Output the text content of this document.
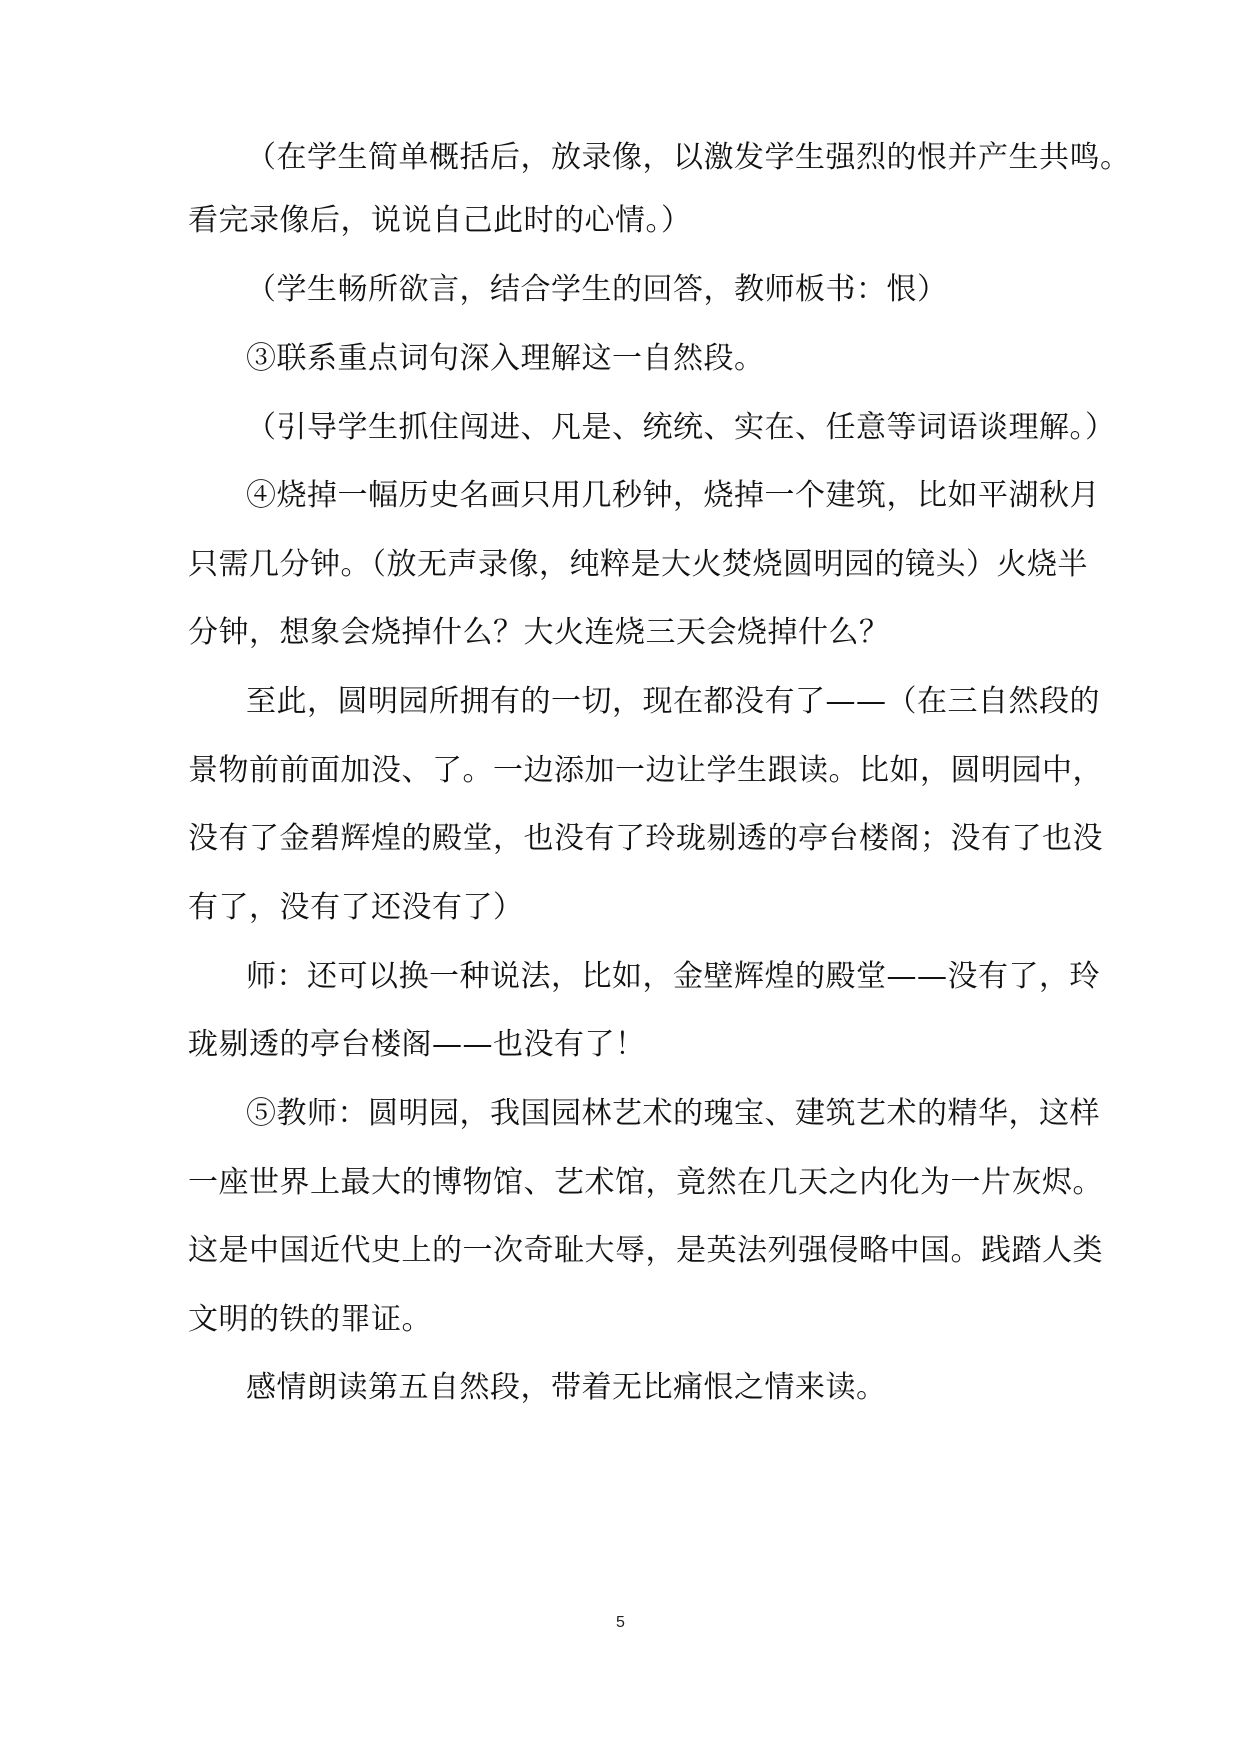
（在学生简单概括后，放录像，以激发学生强烈的恨并产生共鸣。
看完录像后，说说自己此时的心情。）
（学生畅所欲言，结合学生的回答，教师板书：恨）
③联系重点词句深入理解这一自然段。
（引导学生抓住闯进、凡是、统统、实在、任意等词语谈理解。）
④烧掉一幅历史名画只用几秒钟，烧掉一个建筑，比如平湖秋月
只需几分钟。（放无声录像，纯粹是大火焚烧圆明园的镜头）火烧半
分钟，想象会烧掉什么？大火连烧三天会烧掉什么？
至此，圆明园所拥有的一切，现在都没有了——（在三自然段的
景物前前面加没、了。一边添加一边让学生跟读。比如，圆明园中，
没有了金碧辉煌的殿堂，也没有了玲珑剔透的亭台楼阁；没有了也没
有了，没有了还没有了）
师：还可以换一种说法，比如，金壁辉煌的殿堂——没有了，玲
珑剔透的亭台楼阁——也没有了！
⑤教师：圆明园，我国园林艺术的瑰宝、建筑艺术的精华，这样
一座世界上最大的博物馆、艺术馆，竟然在几天之内化为一片灰烬。
这是中国近代史上的一次奇耻大辱，是英法列强侵略中国。践踏人类
文明的铁的罪证。
感情朗读第五自然段，带着无比痛恨之情来读。
5
